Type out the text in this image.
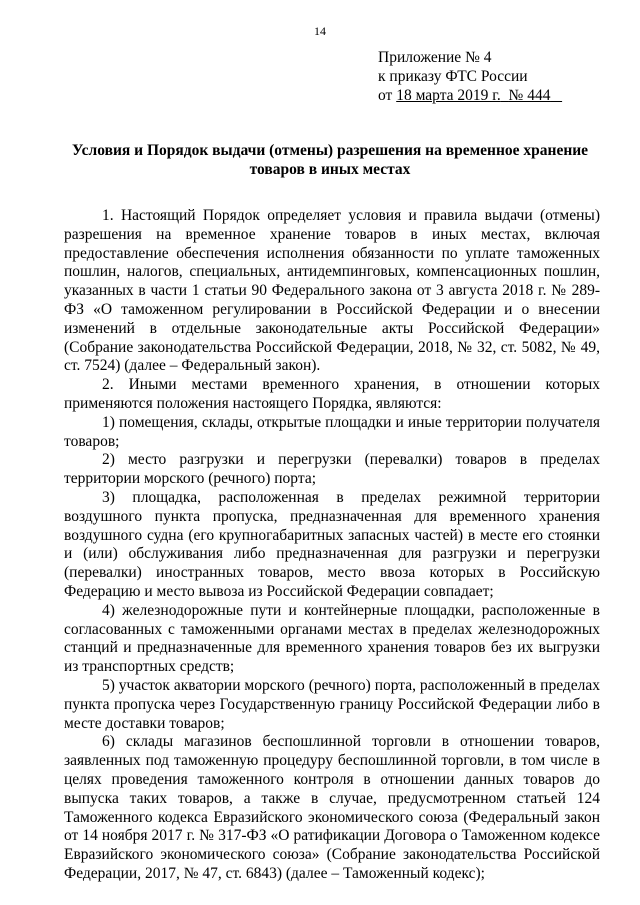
14
Приложение № 4
к приказу ФТС России
от 18 марта 2019 г. № 444
Условия и Порядок выдачи (отмены) разрешения на временное хранение
товаров в иных местах

1. Настоящий Порядок определяет условия и правила выдачи (отмены) разрешения на временное хранение товаров в иных местах, включая предоставление обеспечения исполнения обязанности по уплате таможенных пошлин, налогов, специальных, антидемпинговых, компенсационных пошлин, указанных в части 1 статьи 90 Федерального закона от 3 августа 2018 г. № 289-ФЗ «О таможенном регулировании в Российской Федерации и о внесении изменений в отдельные законодательные акты Российской Федерации» (Собрание законодательства Российской Федерации, 2018, № 32, ст. 5082, № 49, ст. 7524) (далее – Федеральный закон).

2. Иными местами временного хранения, в отношении которых применяются положения настоящего Порядка, являются:

1) помещения, склады, открытые площадки и иные территории получателя товаров;

2) место разгрузки и перегрузки (перевалки) товаров в пределах территории морского (речного) порта;

3) площадка, расположенная в пределах режимной территории воздушного пункта пропуска, предназначенная для временного хранения воздушного судна (его крупногабаритных запасных частей) в месте его стоянки и (или) обслуживания либо предназначенная для разгрузки и перегрузки (перевалки) иностранных товаров, место ввоза которых в Российскую Федерацию и место вывоза из Российской Федерации совпадает;

4) железнодорожные пути и контейнерные площадки, расположенные в согласованных с таможенными органами местах в пределах железнодорожных станций и предназначенные для временного хранения товаров без их выгрузки из транспортных средств;

5) участок акватории морского (речного) порта, расположенный в пределах пункта пропуска через Государственную границу Российской Федерации либо в месте доставки товаров;

6) склады магазинов беспошлинной торговли в отношении товаров, заявленных под таможенную процедуру беспошлинной торговли, в том числе в целях проведения таможенного контроля в отношении данных товаров до выпуска таких товаров, а также в случае, предусмотренном статьей 124 Таможенного кодекса Евразийского экономического союза (Федеральный закон от 14 ноября 2017 г. № 317-ФЗ «О ратификации Договора о Таможенном кодексе Евразийского экономического союза» (Собрание законодательства Российской Федерации, 2017, № 47, ст. 6843) (далее – Таможенный кодекс);
